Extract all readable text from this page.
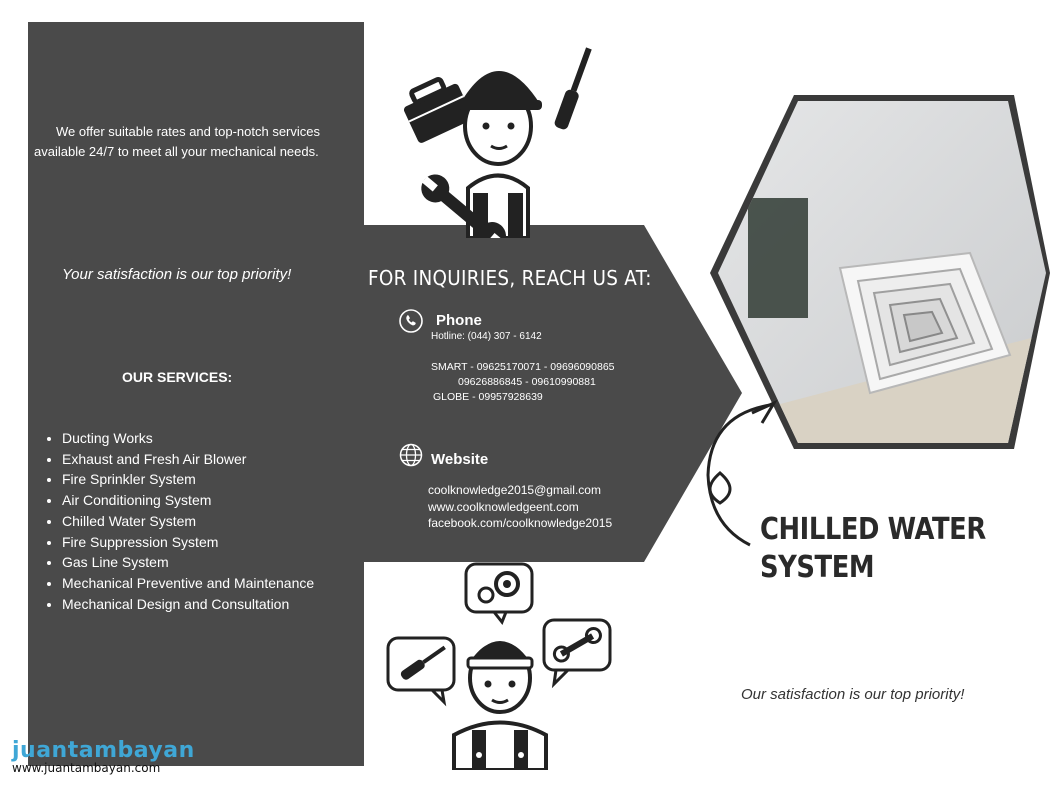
We offer suitable rates and top-notch services available 24/7 to meet all your mechanical needs.
Your satisfaction is our top priority!
OUR SERVICES:
• Ducting Works
• Exhaust and Fresh Air Blower
• Fire Sprinkler System
• Air Conditioning System
• Chilled Water System
• Fire Suppression System
• Gas Line System
• Mechanical Preventive and Maintenance
• Mechanical Design and Consultation
FOR INQUIRIES, REACH US AT:
Phone
Hotline: (044) 307 - 6142
SMART - 09625170071 - 09696090865
09626886845 - 09610990881
GLOBE - 09957928639
Website
coolknowledge2015@gmail.com
www.coolknowledgeent.com
facebook.com/coolknowledge2015	CHILLED WATER
SYSTEM
Our satisfaction is our top priority!
juantambayan
www.juantambayan.com
